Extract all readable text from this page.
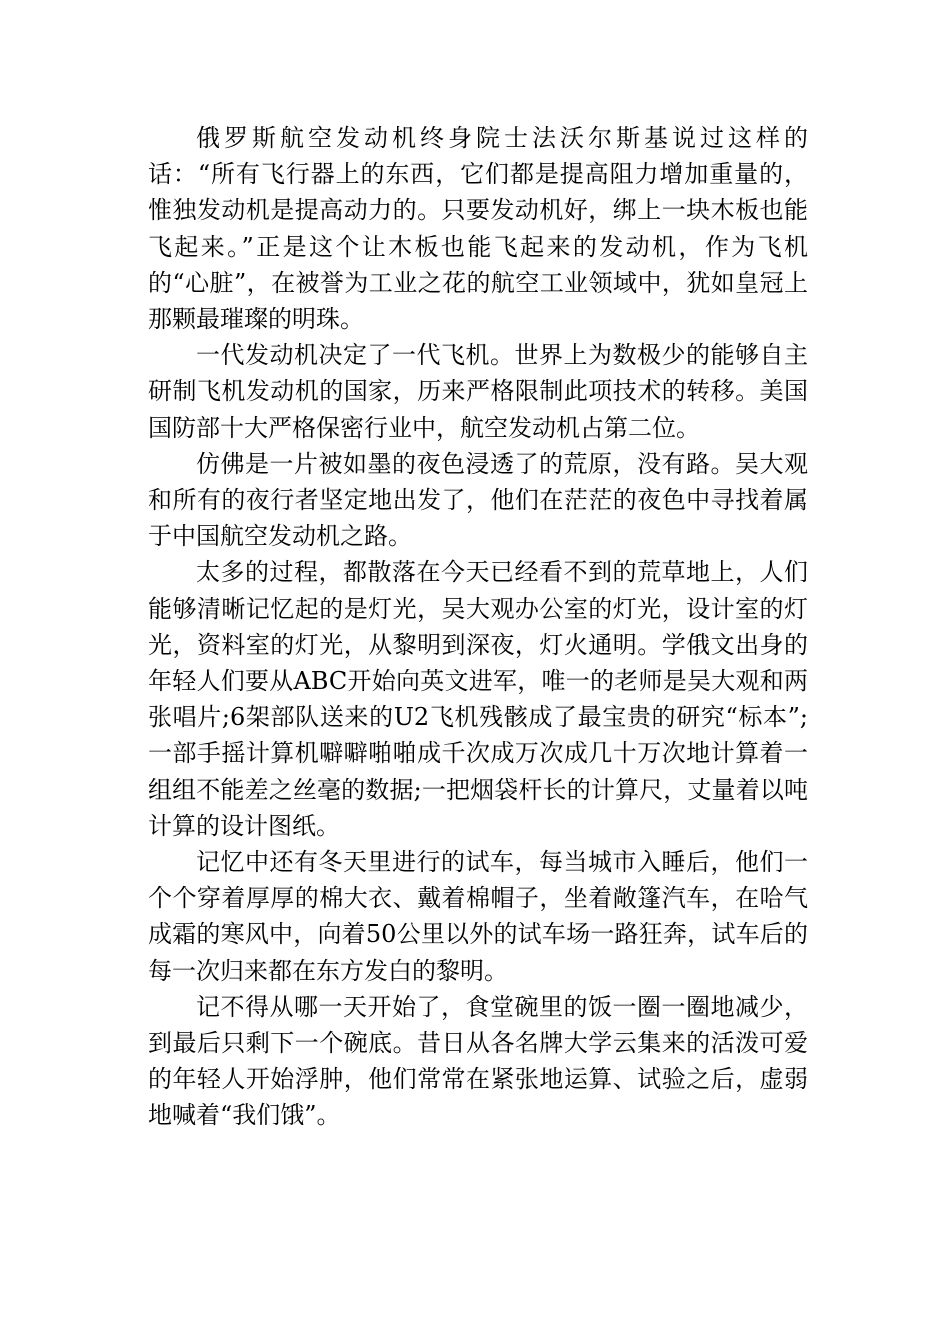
俄罗斯航空发动机终身院士法沃尔斯基说过这样的话：“所有飞行器上的东西，它们都是提高阻力增加重量的，惟独发动机是提高动力的。只要发动机好，绑上一块木板也能飞起来。”正是这个让木板也能飞起来的发动机，作为飞机的“心脏”，在被誉为工业之花的航空工业领域中，犹如皇冠上那颗最璀璨的明珠。

一代发动机决定了一代飞机。世界上为数极少的能够自主研制飞机发动机的国家，历来严格限制此项技术的转移。美国国防部十大严格保密行业中，航空发动机占第二位。

仿佛是一片被如墨的夜色浸透了的荒原，没有路。吴大观和所有的夜行者坚定地出发了，他们在茫茫的夜色中寻找着属于中国航空发动机之路。

太多的过程，都散落在今天已经看不到的荒草地上，人们能够清晰记忆起的是灯光，吴大观办公室的灯光，设计室的灯光，资料室的灯光，从黎明到深夜，灯火通明。学俄文出身的年轻人们要从ABC开始向英文进军，唯一的老师是吴大观和两张唱片;6架部队送来的U2飞机残骸成了最宝贵的研究“标本”;一部手摇计算机噼噼啪啪成千次成万次成几十万次地计算着一组组不能差之丝毫的数据;一把烟袋杆长的计算尺，丈量着以吨计算的设计图纸。

记忆中还有冬天里进行的试车，每当城市入睡后，他们一个个穿着厚厚的棉大衣、戴着棉帽子，坐着敞篷汽车，在哈气成霜的寒风中，向着50公里以外的试车场一路狂奔，试车后的每一次归来都在东方发白的黎明。

记不得从哪一天开始了，食堂碗里的饭一圈一圈地减少，到最后只剩下一个碗底。昔日从各名牌大学云集来的活泼可爱的年轻人开始浮肿，他们常常在紧张地运算、试验之后，虚弱地喊着“我们饿”。
